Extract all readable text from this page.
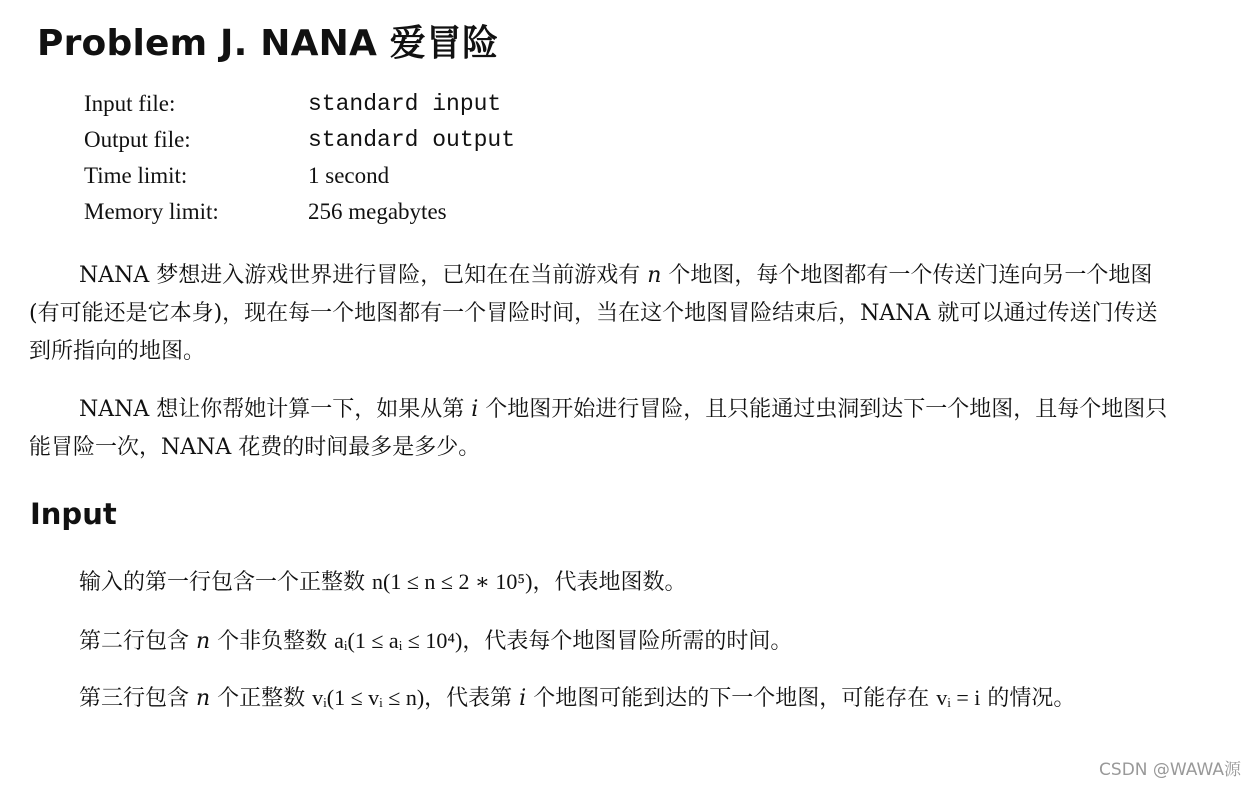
Problem J. NANA 爱冒险
Input file:	standard input
Output file:	standard output
Time limit:	1 second
Memory limit:	256 megabytes

NANA 梦想进入游戏世界进行冒险，已知在在当前游戏有 n 个地图，每个地图都有一个传送门连向另一个地图 (有可能还是它本身)，现在每一个地图都有一个冒险时间，当在这个地图冒险结束后，NANA 就可以通过传送门传送到所指向的地图。

NANA 想让你帮她计算一下，如果从第 i 个地图开始进行冒险，且只能通过虫洞到达下一个地图，且每个地图只能冒险一次，NANA 花费的时间最多是多少。

Input

输入的第一行包含一个正整数 n(1 ≤ n ≤ 2 ∗ 10⁵)，代表地图数。

第二行包含 n 个非负整数 aᵢ(1 ≤ aᵢ ≤ 10⁴)，代表每个地图冒险所需的时间。

第三行包含 n 个正整数 vᵢ(1 ≤ vᵢ ≤ n)，代表第 i 个地图可能到达的下一个地图，可能存在 vᵢ = i 的情况。

CSDN @WAWA源
